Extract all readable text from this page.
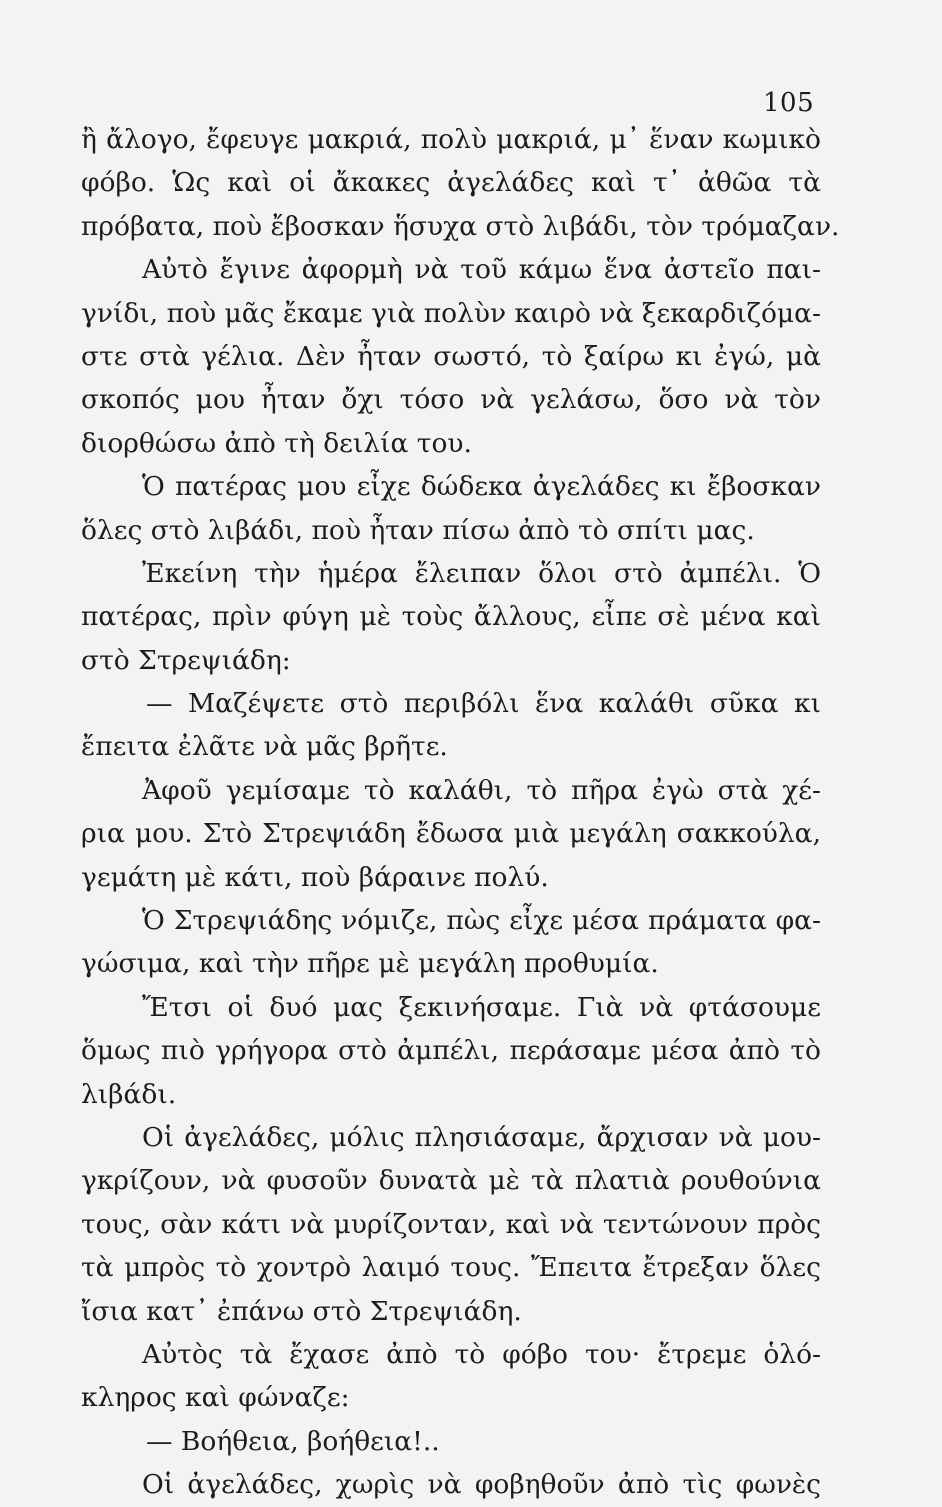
105
ἢ ἄλογο, ἔφευγε μακριά, πολὺ μακριά, μ᾽ ἕναν κωμικὸ
φόβο. Ὡς καὶ οἱ ἄκακες ἀγελάδες καὶ τ᾽ ἀθῶα τὰ
πρόβατα, ποὺ ἔβοσκαν ἥσυχα στὸ λιβάδι, τὸν τρόμαζαν.
Αὐτὸ ἔγινε ἀφορμὴ νὰ τοῦ κάμω ἕνα ἀστεῖο παι-
γνίδι, ποὺ μᾶς ἔκαμε γιὰ πολὺν καιρὸ νὰ ξεκαρδιζόμα-
στε στὰ γέλια. Δὲν ἦταν σωστό, τὸ ξαίρω κι ἐγώ, μὰ
σκοπός μου ἦταν ὄχι τόσο νὰ γελάσω, ὅσο νὰ τὸν
διορθώσω ἀπὸ τὴ δειλία του.
Ὁ πατέρας μου εἶχε δώδεκα ἀγελάδες κι ἔβοσκαν
ὅλες στὸ λιβάδι, ποὺ ἦταν πίσω ἀπὸ τὸ σπίτι μας.
Ἐκείνη τὴν ἡμέρα ἔλειπαν ὅλοι στὸ ἀμπέλι. Ὁ
πατέρας, πρὶν φύγη μὲ τοὺς ἄλλους, εἶπε σὲ μένα καὶ
στὸ Στρεψιάδη:
— Μαζέψετε στὸ περιβόλι ἕνα καλάθι σῦκα κι
ἔπειτα ἐλᾶτε νὰ μᾶς βρῆτε.
Ἀφοῦ γεμίσαμε τὸ καλάθι, τὸ πῆρα ἐγὼ στὰ χέ-
ρια μου. Στὸ Στρεψιάδη ἔδωσα μιὰ μεγάλη σακκούλα,
γεμάτη μὲ κάτι, ποὺ βάραινε πολύ.
Ὁ Στρεψιάδης νόμιζε, πὼς εἶχε μέσα πράματα φα-
γώσιμα, καὶ τὴν πῆρε μὲ μεγάλη προθυμία.
Ἔτσι οἱ δυό μας ξεκινήσαμε. Γιὰ νὰ φτάσουμε
ὅμως πιὸ γρήγορα στὸ ἀμπέλι, περάσαμε μέσα ἀπὸ τὸ
λιβάδι.
Οἱ ἀγελάδες, μόλις πλησιάσαμε, ἄρχισαν νὰ μου-
γκρίζουν, νὰ φυσοῦν δυνατὰ μὲ τὰ πλατιὰ ρουθούνια
τους, σὰν κάτι νὰ μυρίζονταν, καὶ νὰ τεντώνουν πρὸς
τὰ μπρὸς τὸ χοντρὸ λαιμό τους. Ἔπειτα ἔτρεξαν ὅλες
ἴσια κατ᾽ ἐπάνω στὸ Στρεψιάδη.
Αὐτὸς τὰ ἔχασε ἀπὸ τὸ φόβο του· ἔτρεμε ὁλό-
κληρος καὶ φώναζε:
— Βοήθεια, βοήθεια!..
Οἱ ἀγελάδες, χωρὶς νὰ φοβηθοῦν ἀπὸ τὶς φωνὲς
